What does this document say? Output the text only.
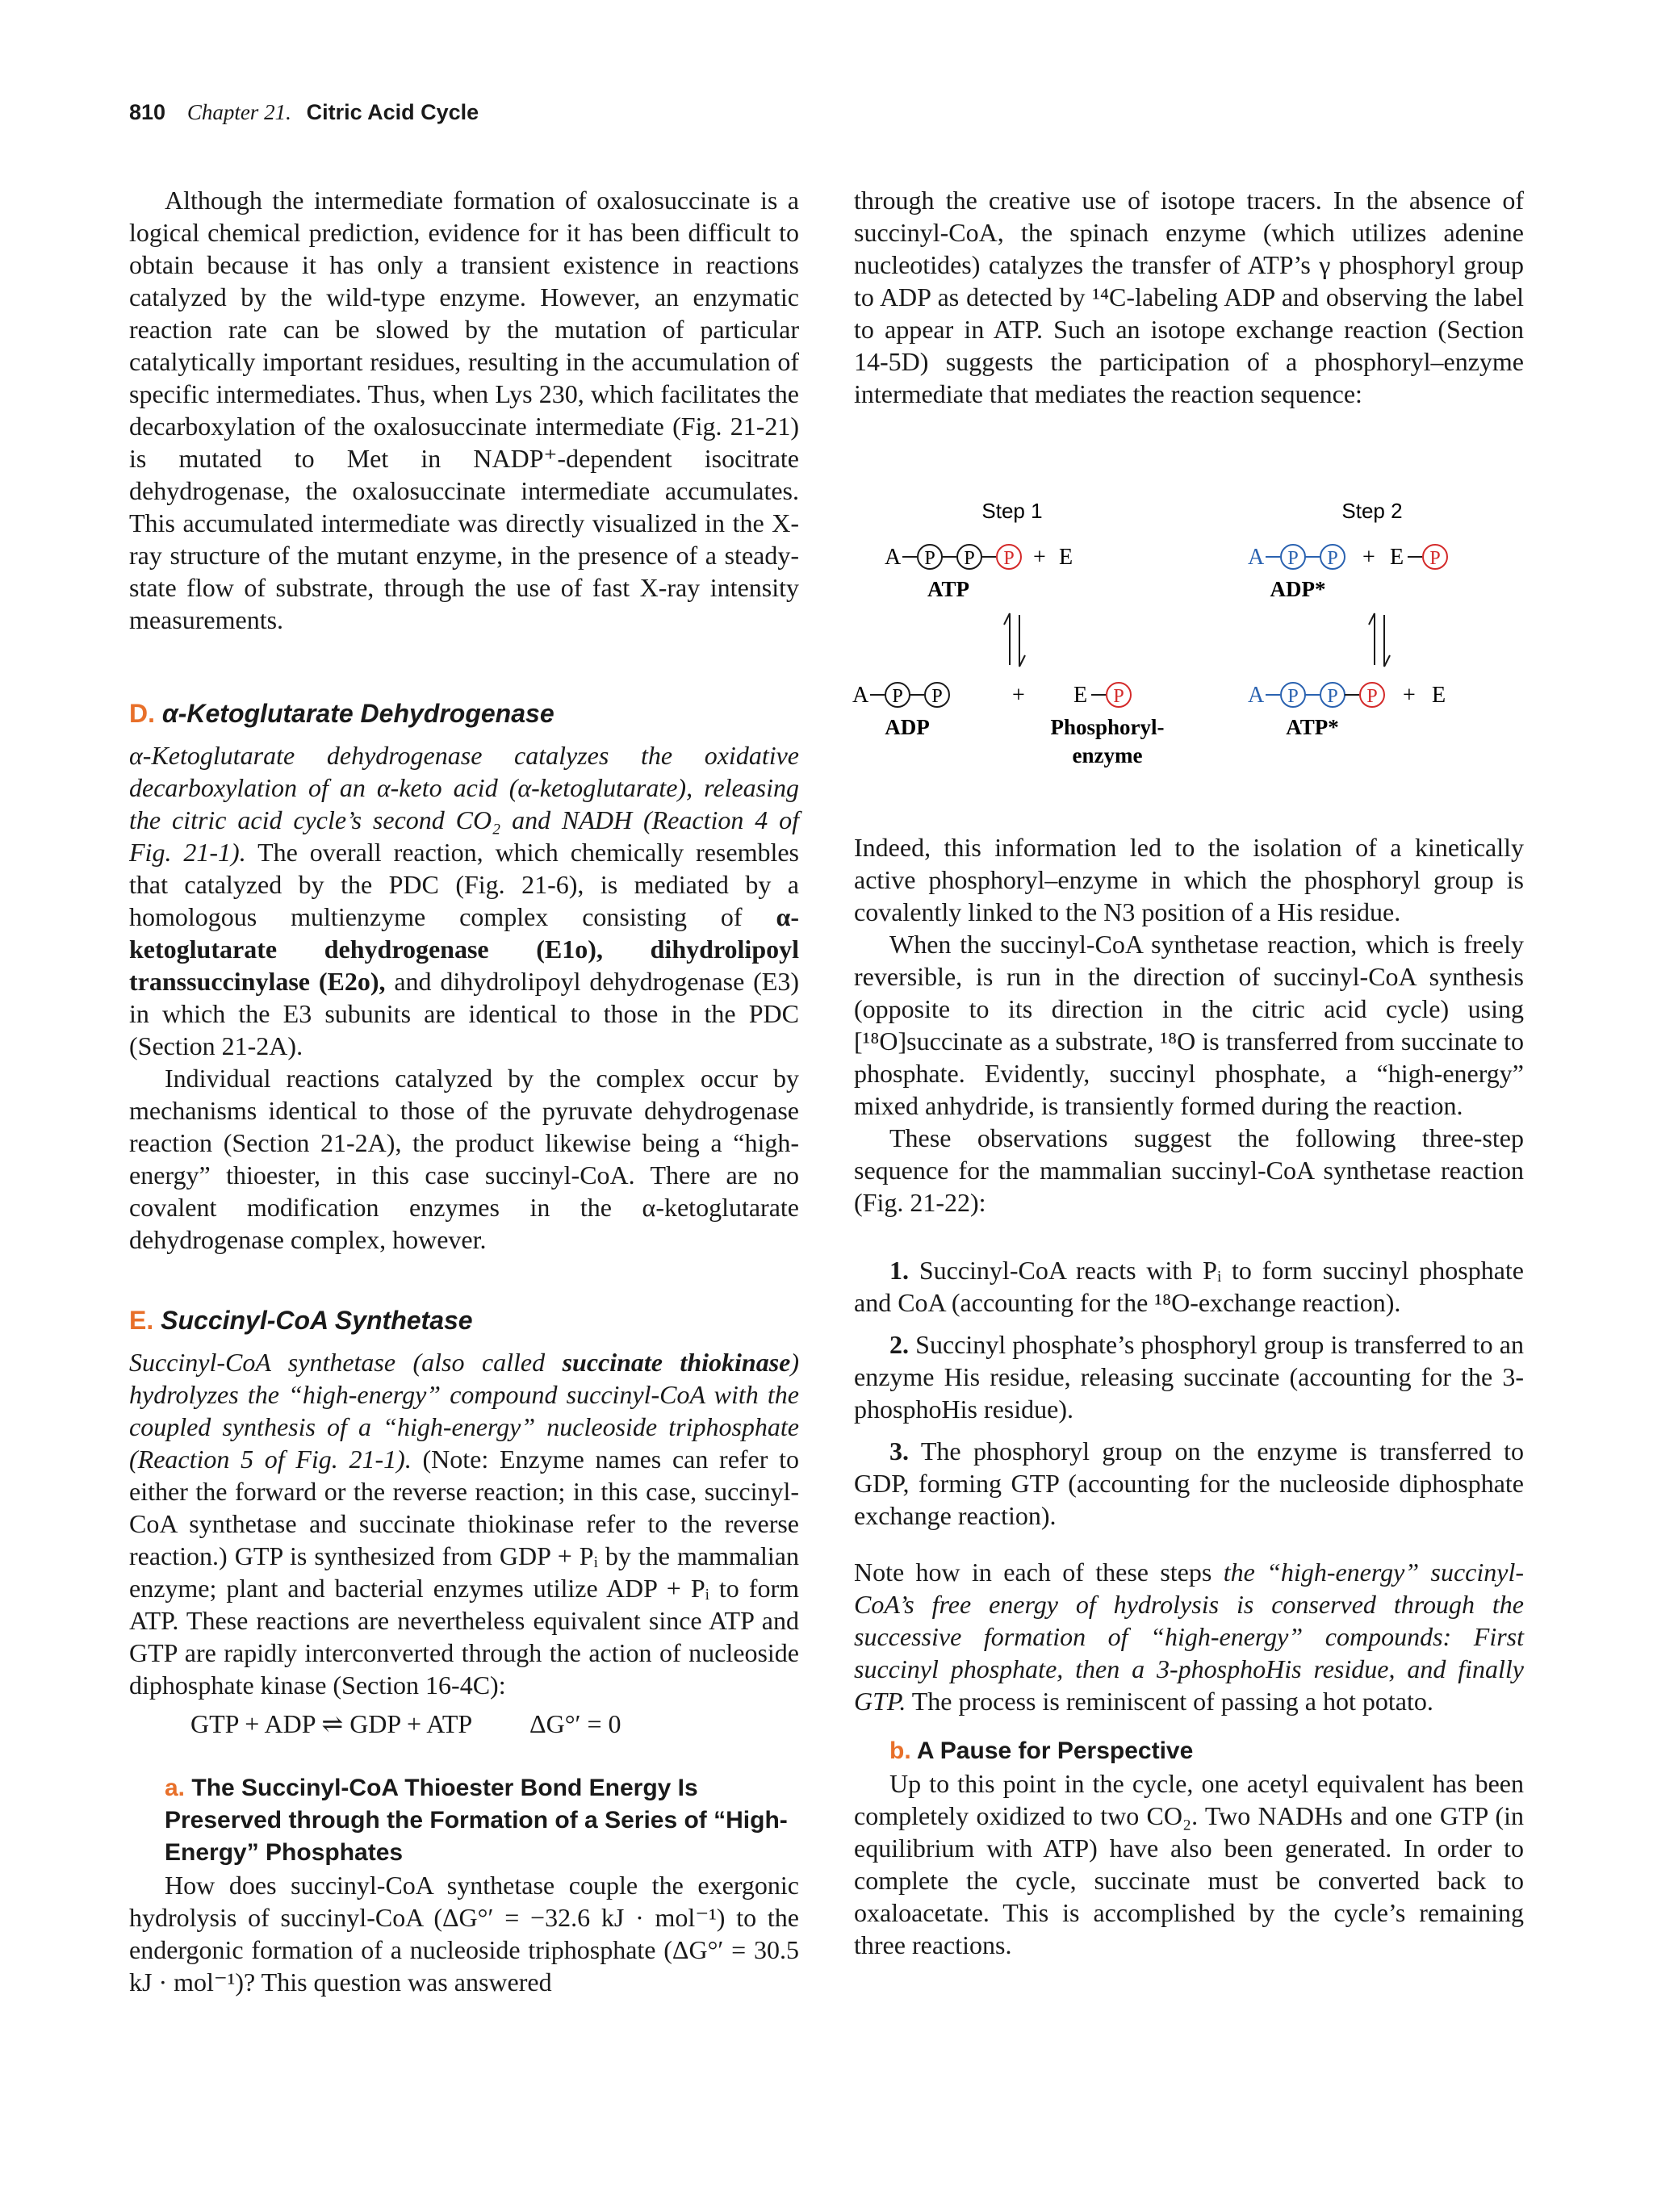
810 Chapter 21. Citric Acid Cycle

Although the intermediate formation of oxalosuccinate is a logical chemical prediction, evidence for it has been difficult to obtain because it has only a transient existence in reactions catalyzed by the wild-type enzyme. However, an enzymatic reaction rate can be slowed by the mutation of particular catalytically important residues, resulting in the accumulation of specific intermediates. Thus, when Lys 230, which facilitates the decarboxylation of the oxalosuccinate intermediate (Fig. 21-21) is mutated to Met in NADP⁺-dependent isocitrate dehydrogenase, the oxalosuccinate intermediate accumulates. This accumulated intermediate was directly visualized in the X-ray structure of the mutant enzyme, in the presence of a steady-state flow of substrate, through the use of fast X-ray intensity measurements.

D. α-Ketoglutarate Dehydrogenase

α-Ketoglutarate dehydrogenase catalyzes the oxidative decarboxylation of an α-keto acid (α-ketoglutarate), releasing the citric acid cycle’s second CO₂ and NADH (Reaction 4 of Fig. 21-1). The overall reaction, which chemically resembles that catalyzed by the PDC (Fig. 21-6), is mediated by a homologous multienzyme complex consisting of α-ketoglutarate dehydrogenase (E1o), dihydrolipoyl transsuccinylase (E2o), and dihydrolipoyl dehydrogenase (E3) in which the E3 subunits are identical to those in the PDC (Section 21-2A).

Individual reactions catalyzed by the complex occur by mechanisms identical to those of the pyruvate dehydrogenase reaction (Section 21-2A), the product likewise being a “high-energy” thioester, in this case succinyl-CoA. There are no covalent modification enzymes in the α-ketoglutarate dehydrogenase complex, however.

E. Succinyl-CoA Synthetase

Succinyl-CoA synthetase (also called succinate thiokinase) hydrolyzes the “high-energy” compound succinyl-CoA with the coupled synthesis of a “high-energy” nucleoside triphosphate (Reaction 5 of Fig. 21-1). (Note: Enzyme names can refer to either the forward or the reverse reaction; in this case, succinyl-CoA synthetase and succinate thiokinase refer to the reverse reaction.) GTP is synthesized from GDP + Pᵢ by the mammalian enzyme; plant and bacterial enzymes utilize ADP + Pᵢ to form ATP. These reactions are nevertheless equivalent since ATP and GTP are rapidly interconverted through the action of nucleoside diphosphate kinase (Section 16-4C):

GTP + ADP ⇌ GDP + ATP ΔG°′ = 0
a. The Succinyl-CoA Thioester Bond Energy Is Preserved through the Formation of a Series of “High-Energy” Phosphates

How does succinyl-CoA synthetase couple the exergonic hydrolysis of succinyl-CoA (ΔG°′ = −32.6 kJ · mol⁻¹) to the endergonic formation of a nucleoside triphosphate (ΔG°′ = 30.5 kJ · mol⁻¹)? This question was answered

through the creative use of isotope tracers. In the absence of succinyl-CoA, the spinach enzyme (which utilizes adenine nucleotides) catalyzes the transfer of ATP’s γ phosphoryl group to ADP as detected by ¹⁴C-labeling ADP and observing the label to appear in ATP. Such an isotope exchange reaction (Section 14-5D) suggests the participation of a phosphoryl–enzyme intermediate that mediates the reaction sequence:

Step 1	Step 2
A P P P + E
ATP
A P P + E P
ADP*
A P P	+ E P
ADP	Phosphoryl-
enzyme
A P P P + E
ATP*

Indeed, this information led to the isolation of a kinetically active phosphoryl–enzyme in which the phosphoryl group is covalently linked to the N3 position of a His residue.

When the succinyl-CoA synthetase reaction, which is freely reversible, is run in the direction of succinyl-CoA synthesis (opposite to its direction in the citric acid cycle) using [¹⁸O]succinate as a substrate, ¹⁸O is transferred from succinate to phosphate. Evidently, succinyl phosphate, a “high-energy” mixed anhydride, is transiently formed during the reaction.

These observations suggest the following three-step sequence for the mammalian succinyl-CoA synthetase reaction (Fig. 21-22):

1. Succinyl-CoA reacts with Pᵢ to form succinyl phosphate and CoA (accounting for the ¹⁸O-exchange reaction).

2. Succinyl phosphate’s phosphoryl group is transferred to an enzyme His residue, releasing succinate (accounting for the 3-phosphoHis residue).

3. The phosphoryl group on the enzyme is transferred to GDP, forming GTP (accounting for the nucleoside diphosphate exchange reaction).

Note how in each of these steps the “high-energy” succinyl-CoA’s free energy of hydrolysis is conserved through the successive formation of “high-energy” compounds: First succinyl phosphate, then a 3-phosphoHis residue, and finally GTP. The process is reminiscent of passing a hot potato.

b. A Pause for Perspective

Up to this point in the cycle, one acetyl equivalent has been completely oxidized to two CO₂. Two NADHs and one GTP (in equilibrium with ATP) have also been generated. In order to complete the cycle, succinate must be converted back to oxaloacetate. This is accomplished by the cycle’s remaining three reactions.
